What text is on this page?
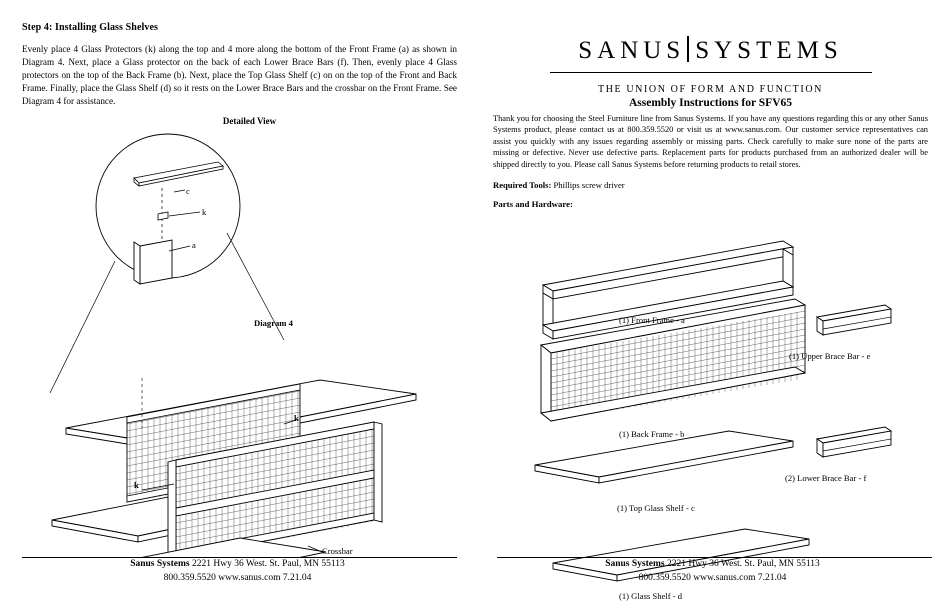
Step 4: Installing Glass Shelves

Evenly place 4 Glass Protectors (k) along the top and 4 more along the bottom of the Front Frame (a) as shown in Diagram 4. Next, place a Glass protector on the back of each Lower Brace Bars (f). Then, evenly place 4 Glass protectors on the top of the Back Frame (b). Next, place the Top Glass Shelf (c) on on the top of the Front and Back Frame. Finally, place the Glass Shelf (d) so it rests on the Lower Brace Bars and the crossbar on the Front Frame. See Diagram 4 for assistance.

Detailed View
c
k
a
k
k
Crossbar
Diagram 4
Sanus Systems 2221 Hwy 36 West. St. Paul, MN 55113
800.359.5520 www.sanus.com 7.21.04
SANUS SYSTEMS
THE UNION OF FORM AND FUNCTION
Assembly Instructions for SFV65

Thank you for choosing the Steel Furniture line from Sanus Systems. If you have any questions regarding this or any other Sanus Systems product, please contact us at 800.359.5520 or visit us at www.sanus.com. Our customer service representatives can assist you quickly with any issues regarding assembly or missing parts. Check carefully to make sure none of the parts are missing or defective. Never use defective parts. Replacement parts for products purchased from an authorized dealer will be shipped directly to you. Please call Sanus Systems before returning products to retail stores.

Required Tools: Phillips screw driver
Parts and Hardware:
(1) Front Frame - a
(1) Upper Brace Bar - e
(1) Back Frame - b
(2) Lower Brace Bar - f
(1) Top Glass Shelf - c
(1) Glass Shelf - d
Sanus Systems 2221 Hwy 36 West. St. Paul, MN 55113
800.359.5520 www.sanus.com 7.21.04
